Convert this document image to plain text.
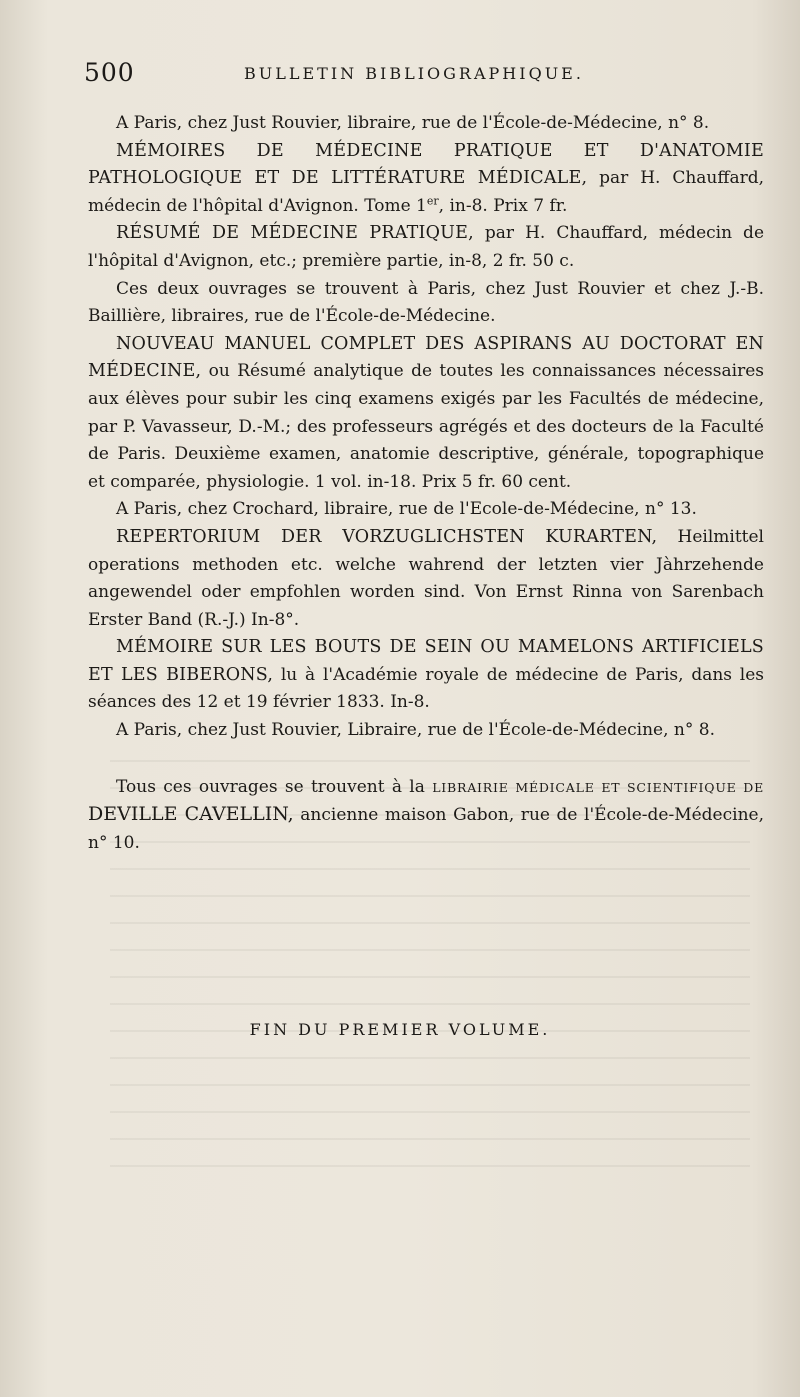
500	BULLETIN BIBLIOGRAPHIQUE.

A Paris, chez Just Rouvier, libraire, rue de l'École-de-Médecine, n° 8.

MÉMOIRES DE MÉDECINE PRATIQUE ET D'ANATOMIE PATHOLOGIQUE ET DE LITTÉRATURE MÉDICALE, par H. Chauffard, médecin de l'hôpital d'Avignon. Tome 1er, in-8. Prix 7 fr.

RÉSUMÉ DE MÉDECINE PRATIQUE, par H. Chauffard, médecin de l'hôpital d'Avignon, etc.; première partie, in-8, 2 fr. 50 c.

Ces deux ouvrages se trouvent à Paris, chez Just Rouvier et chez J.-B. Baillière, libraires, rue de l'École-de-Médecine.

NOUVEAU MANUEL COMPLET DES ASPIRANS AU DOCTORAT EN MÉDECINE, ou Résumé analytique de toutes les connaissances nécessaires aux élèves pour subir les cinq examens exigés par les Facultés de médecine, par P. Vavasseur, D.-M.; des professeurs agrégés et des docteurs de la Faculté de Paris. Deuxième examen, anatomie descriptive, générale, topographique et comparée, physiologie. 1 vol. in-18. Prix 5 fr. 60 cent.

A Paris, chez Crochard, libraire, rue de l'Ecole-de-Médecine, n° 13.

REPERTORIUM DER VORZUGLICHSTEN KURARTEN, Heilmittel operations methoden etc. welche wahrend der letzten vier Jàhrzehende angewendel oder empfohlen worden sind. Von Ernst Rinna von Sarenbach Erster Band (R.-J.) In-8°.

MÉMOIRE SUR LES BOUTS DE SEIN OU MAMELONS ARTIFICIELS ET LES BIBERONS, lu à l'Académie royale de médecine de Paris, dans les séances des 12 et 19 février 1833. In-8.

A Paris, chez Just Rouvier, Libraire, rue de l'École-de-Médecine, n° 8.

Tous ces ouvrages se trouvent à la LIBRAIRIE MÉDICALE ET SCIENTIFIQUE DE DEVILLE CAVELLIN, ancienne maison Gabon, rue de l'École-de-Médecine, n° 10.

FIN DU PREMIER VOLUME.
